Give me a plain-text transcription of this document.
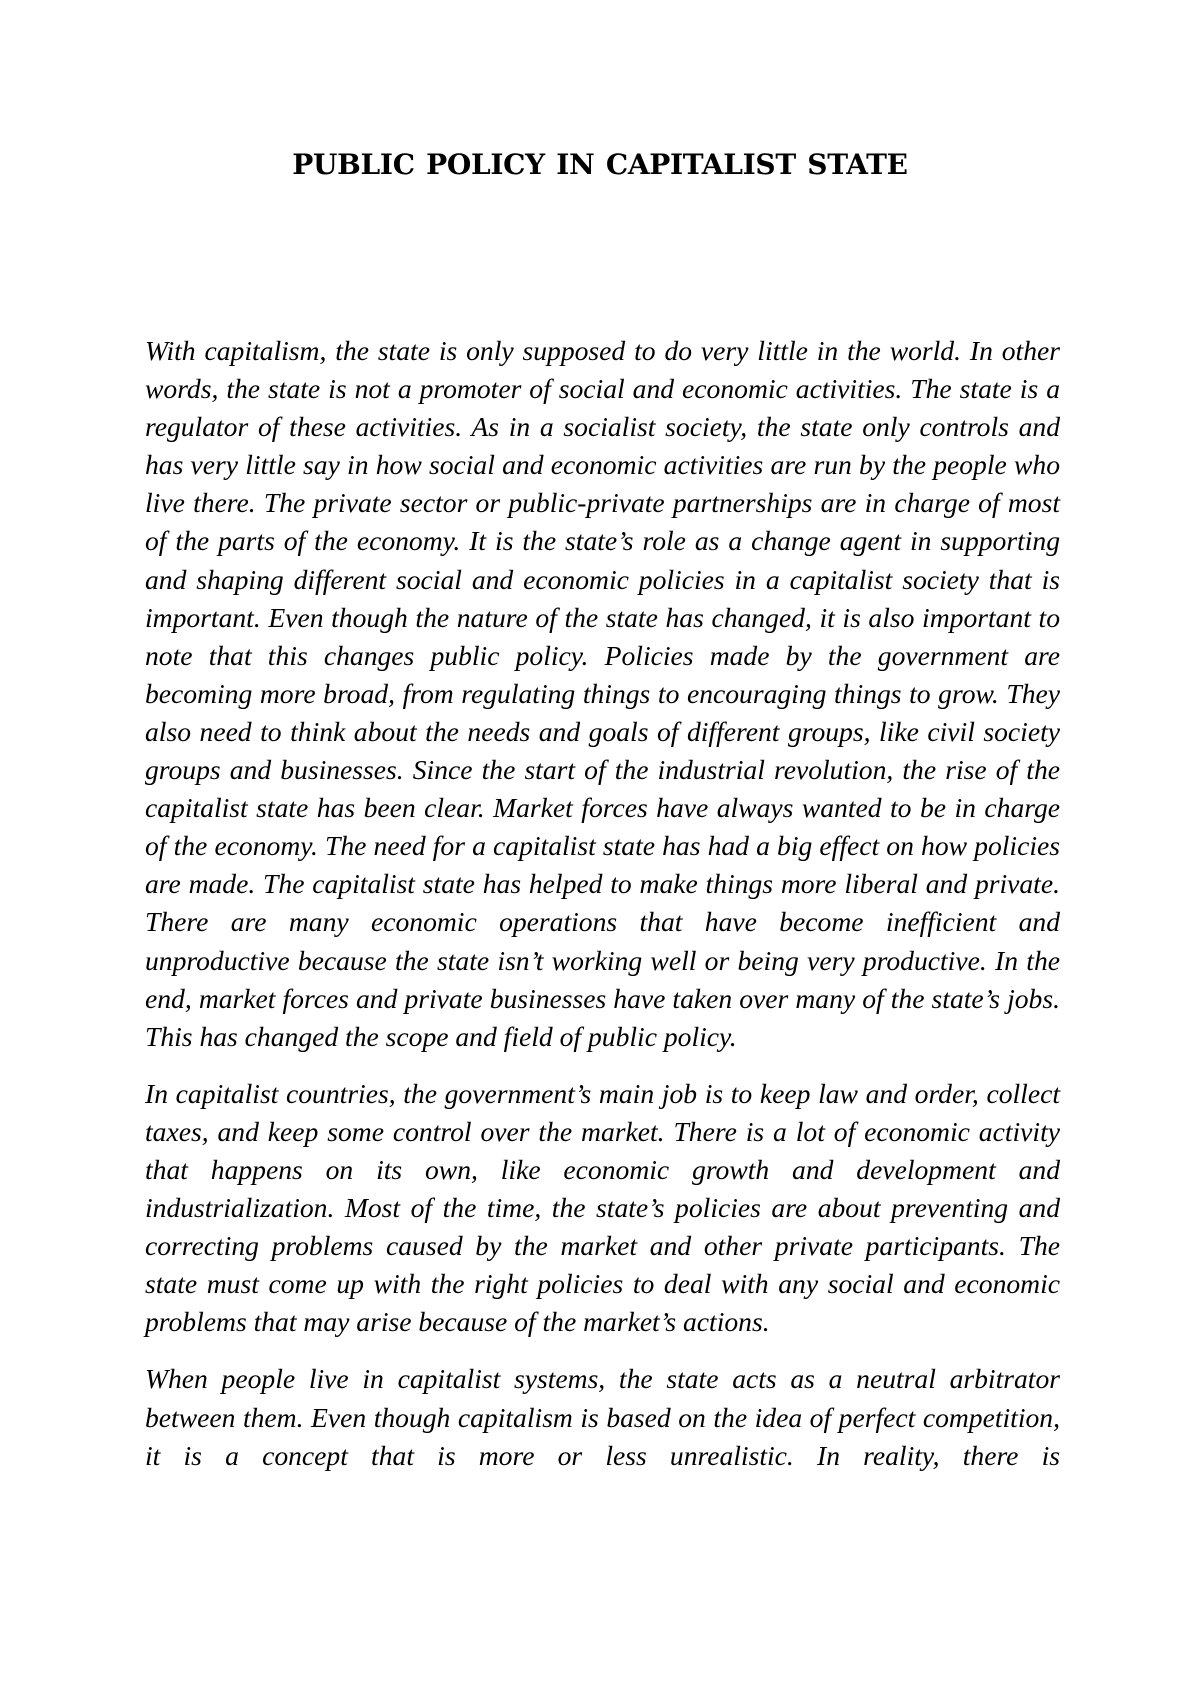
PUBLIC POLICY IN CAPITALIST STATE

With capitalism, the state is only supposed to do very little in the world. In other words, the state is not a promoter of social and economic activities. The state is a regulator of these activities. As in a socialist society, the state only controls and has very little say in how social and economic activities are run by the people who live there. The private sector or public-private partnerships are in charge of most of the parts of the economy. It is the state’s role as a change agent in supporting and shaping different social and economic policies in a capitalist society that is important. Even though the nature of the state has changed, it is also important to note that this changes public policy. Policies made by the government are becoming more broad, from regulating things to encouraging things to grow. They also need to think about the needs and goals of different groups, like civil society groups and businesses. Since the start of the industrial revolution, the rise of the capitalist state has been clear. Market forces have always wanted to be in charge of the economy. The need for a capitalist state has had a big effect on how policies are made. The capitalist state has helped to make things more liberal and private. There are many economic operations that have become inefficient and unproductive because the state isn’t working well or being very productive. In the end, market forces and private businesses have taken over many of the state’s jobs. This has changed the scope and field of public policy.

In capitalist countries, the government’s main job is to keep law and order, collect taxes, and keep some control over the market. There is a lot of economic activity that happens on its own, like economic growth and development and industrialization. Most of the time, the state’s policies are about preventing and correcting problems caused by the market and other private participants. The state must come up with the right policies to deal with any social and economic problems that may arise because of the market’s actions.

When people live in capitalist systems, the state acts as a neutral arbitrator between them. Even though capitalism is based on the idea of perfect competition, it is a concept that is more or less unrealistic. In reality, there is
